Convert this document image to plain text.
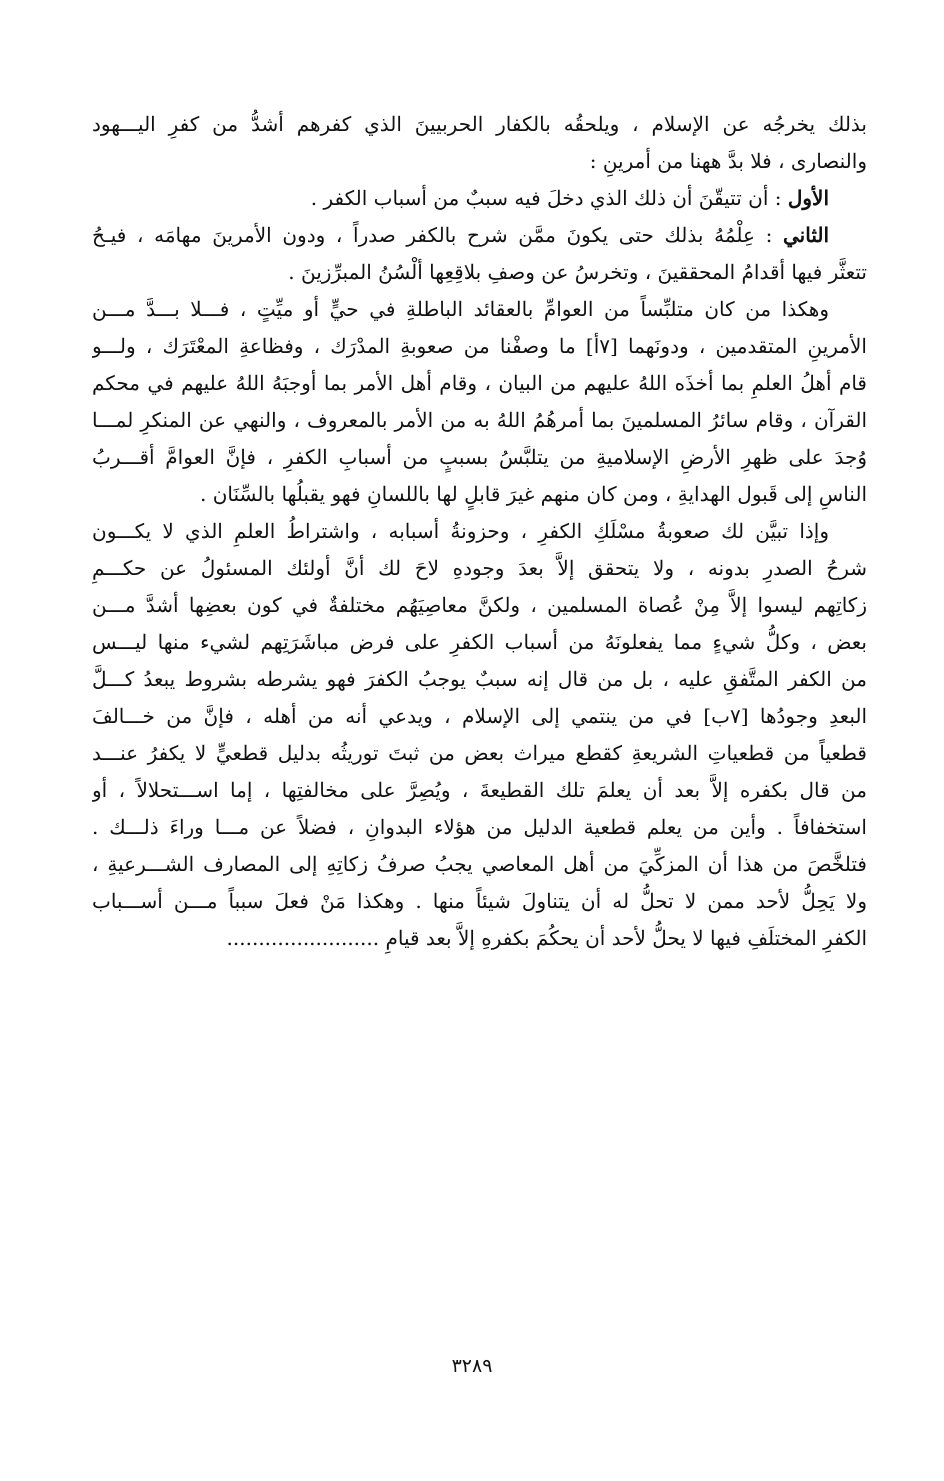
بذلك يخرجُه عن الإسلام ، ويلحقُه بالكفار الحربيينَ الذي كفرهم أشدُّ من كفرِ اليـــهود
والنصارى ، فلا بدَّ ههنا من أمرينِ :
الأول : أن تتيقّنَ أن ذلك الذي دخلَ فيه سببٌ من أسباب الكفر .
الثاني : عِلْمُهُ بذلك حتى يكونَ ممَّن شرح بالكفر صدراً ، ودون الأمرينَ مهامَه ، فيـحُ
تتعثَّر فيها أقدامُ المحققينَ ، وتخرسُ عن وصفِ بلاقِعِها ألْسُنُ المبرِّزينَ .
وهكذا من كان متلبِّساً من العوامِّ بالعقائد الباطلةِ في حيٍّ أو ميِّتٍ ، فـــلا بـــدَّ مـــن
الأمرينِ المتقدمين ، ودونَهما [٧أ] ما وصفْنا من صعوبةِ المدْرَك ، وفظاعةِ المعْتَرَك ، ولـــو
قام أهلُ العلمِ بما أخذَه اللهُ عليهم من البيان ، وقام أهل الأمر بما أوجبَهُ اللهُ عليهم في محكم
القرآن ، وقام سائرُ المسلمينَ بما أمرهُمُ اللهُ به من الأمر بالمعروف ، والنهي عن المنكرِ لمـــا
وُجدَ على ظهرِ الأرضِ الإسلاميةِ من يتلبَّسُ بسببٍ من أسبابِ الكفرِ ، فإنَّ العوامَّ أقـــربُ
الناسِ إلى قَبول الهدايةِ ، ومن كان منهم غيرَ قابلٍ لها باللسانِ فهو يقبلُها بالسِّنَان .
وإذا تبيَّن لك صعوبةُ مسْلَكِ الكفرِ ، وحزونةُ أسبابه ، واشتراطُ العلمِ الذي لا يكـــون
شرحُ الصدرِ بدونه ، ولا يتحقق إلاَّ بعدَ وجودهِ لاحَ لك أنَّ أولئك المسئولُ عن حكـــمِ
زكاتِهم ليسوا إلاَّ مِنْ عُصاة المسلمين ، ولكنَّ معاصِيَهُم مختلفةٌ في كون بعضِها أشدَّ مـــن
بعض ، وكلُّ شيءٍ مما يفعلونَهُ من أسباب الكفرِ على فرض مباشَرَتِهم لشيء منها ليـــس
من الكفر المتَّفقِ عليه ، بل من قال إنه سببٌ يوجبُ الكفرَ فهو يشرطه بشروط يبعدُ كـــلَّ
البعدِ وجودُها [٧ب] في من ينتمي إلى الإسلام ، ويدعي أنه من أهله ، فإنَّ من خـــالفَ
قطعياً من قطعياتِ الشريعةِ كقطع ميراث بعض من ثبتَ توريثُه بدليل قطعيٍّ لا يكفرُ عنـــد
من قال بكفره إلاَّ بعد أن يعلمَ تلك القطيعةَ ، ويُصِرَّ على مخالفتِها ، إما اســـتحلالاً ، أو
استخفافاً . وأين من يعلم قطعية الدليل من هؤلاء البدوانِ ، فضلاً عن مـــا وراءَ ذلـــك .
فتلخَّصَ من هذا أن المزكِّيَ من أهل المعاصي يجبُ صرفُ زكاتِهِ إلى المصارف الشـــرعيةِ ،
ولا يَحِلُّ لأحد ممن لا تحلُّ له أن يتناولَ شيئاً منها . وهكذا مَنْ فعلَ سبباً مـــن أســـباب
الكفرِ المختلَفِ فيها لا يحلُّ لأحد أن يحكُمَ بكفرهِ إلاَّ بعد قيامِ ........................
٣٢٨٩
